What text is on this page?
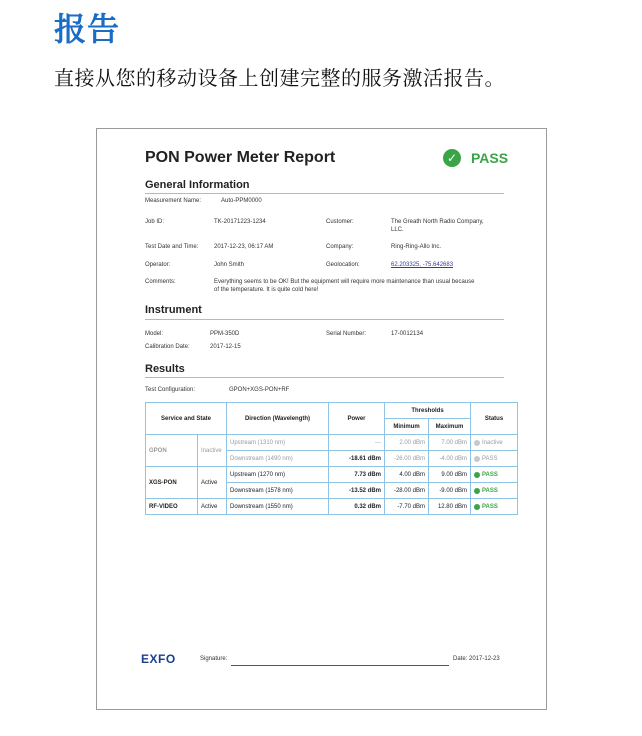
报告

直接从您的移动设备上创建完整的服务激活报告。

PON Power Meter Report	✓ PASS
General Information
Measurement Name:	Auto-PPM0000
Job ID:	TK-20171223-1234	Customer:	The Greath North Radio Company,
LLC.
Test Date and Time:	2017-12-23, 06:17 AM	Company:	Ring-Ring-Allo Inc.
Operator:	John Smith	Geolocation:	62.203325, -75.642683
Comments:	Everything seems to be OK! But the equipment will require more maintenance than usual because
of the temperature. It is quite cold here!
Instrument
Model:	PPM-350D	Serial Number:	17-0012134
Calibration Date:	2017-12-15
Results
Test Configuration:	GPON+XGS-PON+RF
Service and State		Direction (Wavelength)	Power	Thresholds		Status
				Minimum	Maximum	
GPON	Inactive	Upstream (1310 nm)	---	2.00 dBm	7.00 dBm	Inactive

		Downstream (1490 nm)	-18.61 dBm	-26.00 dBm	-4.00 dBm	PASS

XGS-PON	Active	Upstream (1270 nm)	7.73 dBm	4.00 dBm	9.00 dBm	PASS

		Downstream (1578 nm)	-13.52 dBm	-28.00 dBm	-9.00 dBm	PASS

RF-VIDEO	Active	Downstream (1550 nm)	0.32 dBm	-7.70 dBm	12.80 dBm	PASS
EXFO	Signature:	Date: 2017-12-23
